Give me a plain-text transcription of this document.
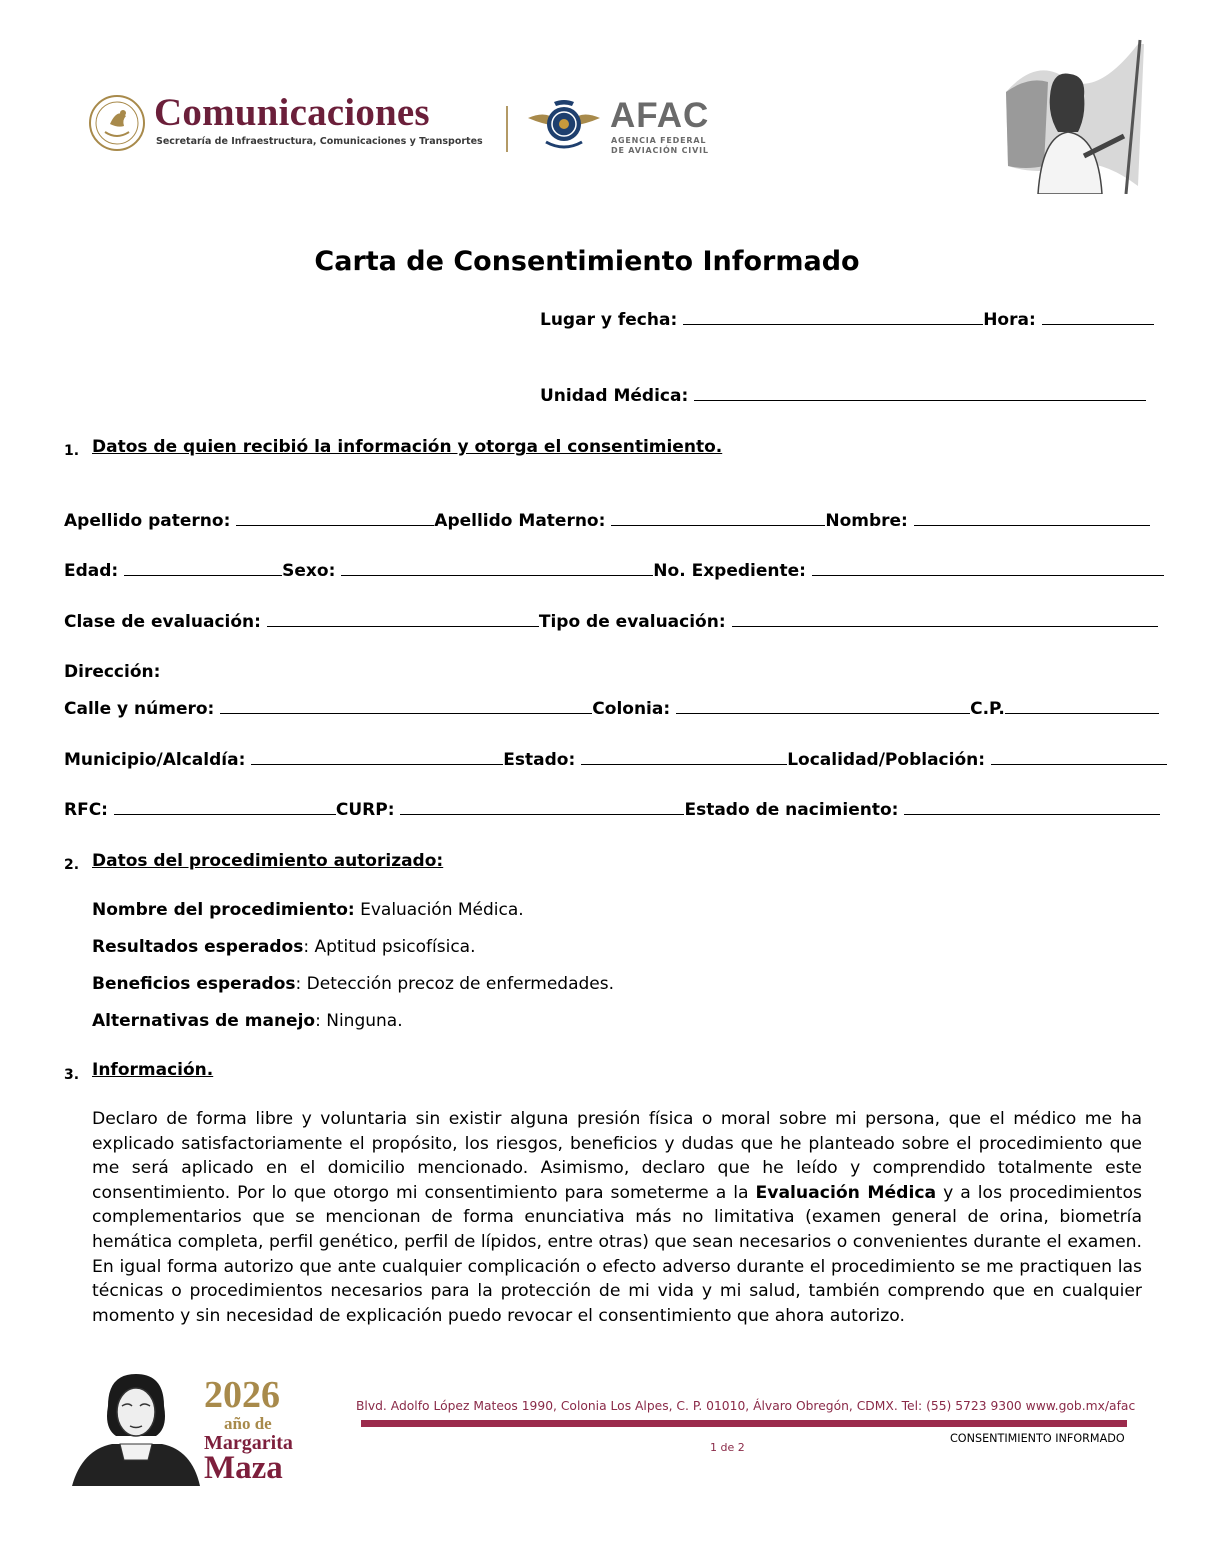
Comunicaciones
Secretaría de Infraestructura, Comunicaciones y Transportes
AFAC
AGENCIA FEDERAL
DE AVIACIÓN CIVIL
Carta de Consentimiento Informado
Lugar y fecha:	Hora:
Unidad Médica:
1. Datos de quien recibió la información y otorga el consentimiento.
Apellido paterno:	Apellido Materno:	Nombre:
Edad:	Sexo:	No. Expediente:
Clase de evaluación:	Tipo de evaluación:
Dirección:
Calle y número:	Colonia:	C.P.
Municipio/Alcaldía:	Estado:	Localidad/Población:
RFC:	CURP:	Estado de nacimiento:
2. Datos del procedimiento autorizado:
Nombre del procedimiento: Evaluación Médica.
Resultados esperados: Aptitud psicofísica.
Beneficios esperados: Detección precoz de enfermedades.
Alternativas de manejo: Ninguna.
3. Información.
Declaro de forma libre y voluntaria sin existir alguna presión física o moral sobre mi persona, que el médico me ha explicado satisfactoriamente el propósito, los riesgos, beneficios y dudas que he planteado sobre el procedimiento que me será aplicado en el domicilio mencionado. Asimismo, declaro que he leído y comprendido totalmente este consentimiento. Por lo que otorgo mi consentimiento para someterme a la Evaluación Médica y a los procedimientos complementarios que se mencionan de forma enunciativa más no limitativa (examen general de orina, biometría hemática completa, perfil genético, perfil de lípidos, entre otras) que sean necesarios o convenientes durante el examen. En igual forma autorizo que ante cualquier complicación o efecto adverso durante el procedimiento se me practiquen las técnicas o procedimientos necesarios para la protección de mi vida y mi salud, también comprendo que en cualquier momento y sin necesidad de explicación puedo revocar el consentimiento que ahora autorizo.
2026
año de
Margarita
Maza
Blvd. Adolfo López Mateos 1990, Colonia Los Alpes, C. P. 01010, Álvaro Obregón, CDMX. Tel: (55) 5723 9300 www.gob.mx/afac
1 de 2
CONSENTIMIENTO INFORMADO
